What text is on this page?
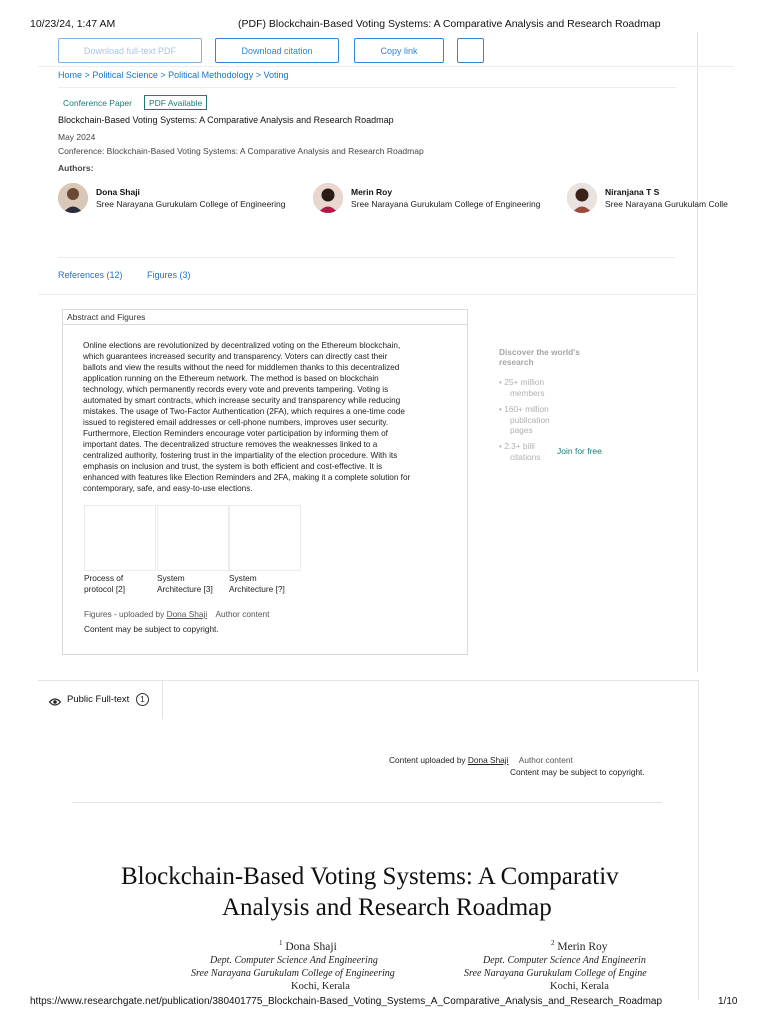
10/23/24, 1:47 AM	(PDF) Blockchain-Based Voting Systems: A Comparative Analysis and Research Roadmap
Download full-text PDF	Download citation	Copy link
Home > Political Science > Political Methodology > Voting
Conference Paper	PDF Available
Blockchain-Based Voting Systems: A Comparative Analysis and Research Roadmap
May 2024
Conference: Blockchain-Based Voting Systems: A Comparative Analysis and Research Roadmap
Authors:
Dona Shaji
Sree Narayana Gurukulam College of Engineering
Merin Roy
Sree Narayana Gurukulam College of Engineering
Niranjana T S
Sree Narayana Gurukulam Colle
References (12)	Figures (3)
Abstract and Figures
Online elections are revolutionized by decentralized voting on the Ethereum blockchain,
which guarantees increased security and transparency. Voters can directly cast their
ballots and view the results without the need for middlemen thanks to this decentralized
application running on the Ethereum network. The method is based on blockchain
technology, which permanently records every vote and prevents tampering. Voting is
automated by smart contracts, which increase security and transparency while reducing
mistakes. The usage of Two-Factor Authentication (2FA), which requires a one-time code
issued to registered email addresses or cell-phone numbers, improves user security.
Furthermore, Election Reminders encourage voter participation by informing them of
important dates. The decentralized structure removes the weaknesses linked to a
centralized authority, fostering trust in the impartiality of the election procedure. With its
emphasis on inclusion and trust, the system is both efficient and cost-effective. It is
enhanced with features like Election Reminders and 2FA, making it a complete solution for
contemporary, safe, and easy-to-use elections.
Process of
protocol [2]
System
Architecture [3]
System
Architecture [?]
Figures - uploaded by Dona Shaji Author content
Content may be subject to copyright.
Discover the world's
research
• 25+ million
members
• 160+ million
publication
pages
• 2.3+ billi
citations
Join for free
Public Full-text	1
Content uploaded by Dona Shaji Author content
Content may be subject to copyright.
Blockchain-Based Voting Systems: A Comparativ
Analysis and Research Roadmap
$^1$ Dona Shaji
Dept. Computer Science And Engineering
Sree Narayana Gurukulam College of Engineering
Kochi, Kerala
$^2$ Merin Roy
Dept. Computer Science And Engineerin
Sree Narayana Gurukulam College of Engine
Kochi, Kerala
https://www.researchgate.net/publication/380401775_Blockchain-Based_Voting_Systems_A_Comparative_Analysis_and_Research_Roadmap	1/10
